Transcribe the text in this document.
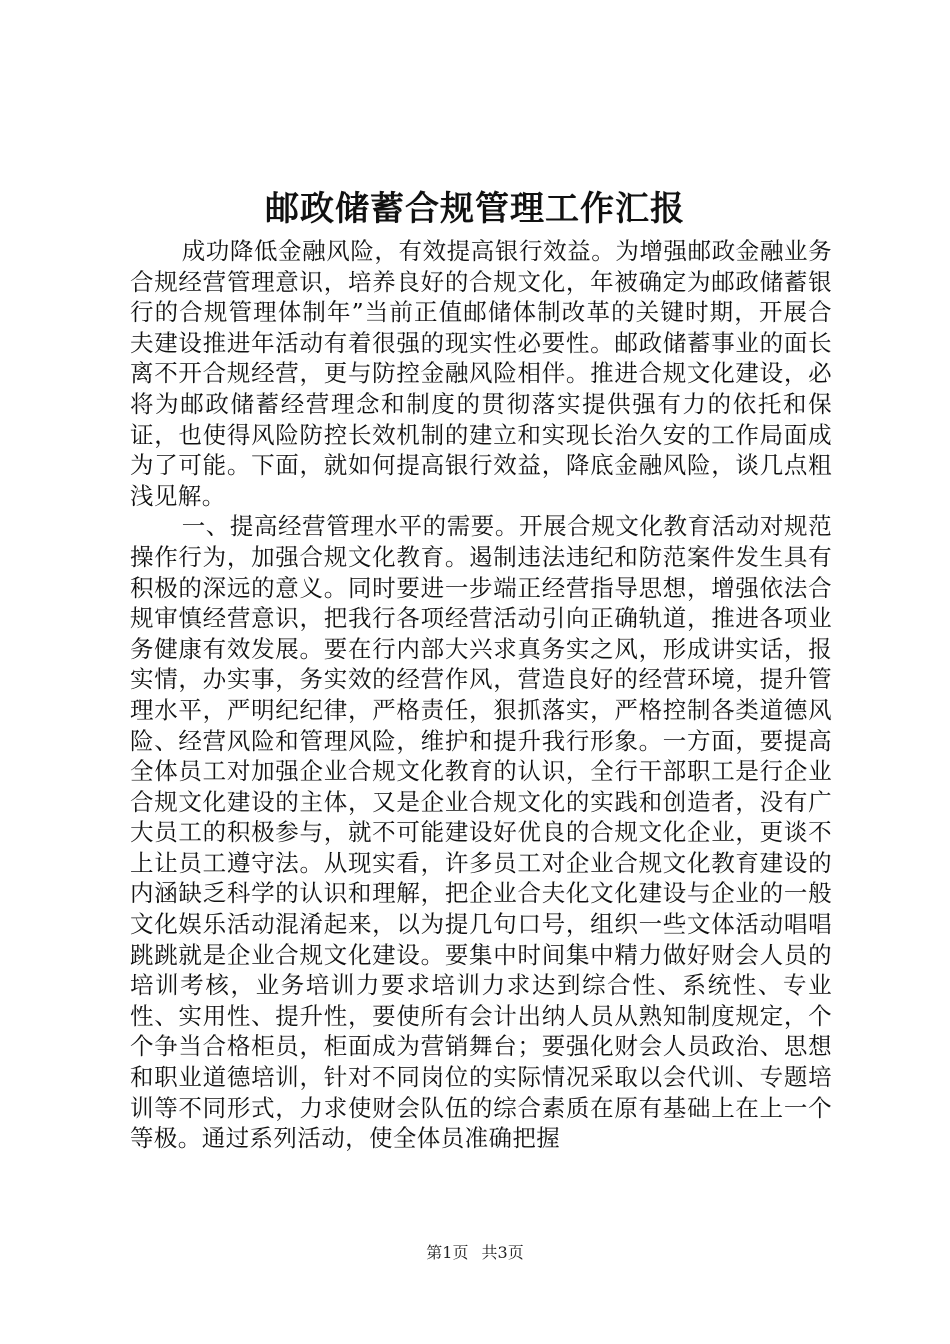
邮政储蓄合规管理工作汇报

成功降低金融风险，有效提高银行效益。为增强邮政金融业务合规经营管理意识，培养良好的合规文化，年被确定为邮政储蓄银行的合规管理体制年”当前正值邮储体制改革的关键时期，开展合夫建设推进年活动有着很强的现实性必要性。邮政储蓄事业的面长离不开合规经营，更与防控金融风险相伴。推进合规文化建设，必将为邮政储蓄经营理念和制度的贯彻落实提供强有力的依托和保证，也使得风险防控长效机制的建立和实现长治久安的工作局面成为了可能。下面，就如何提高银行效益，降底金融风险，谈几点粗浅见解。

一、提高经营管理水平的需要。开展合规文化教育活动对规范操作行为，加强合规文化教育。遏制违法违纪和防范案件发生具有积极的深远的意义。同时要进一步端正经营指导思想，增强依法合规审慎经营意识，把我行各项经营活动引向正确轨道，推进各项业务健康有效发展。要在行内部大兴求真务实之风，形成讲实话，报实情，办实事，务实效的经营作风，营造良好的经营环境，提升管理水平，严明纪纪律，严格责任，狠抓落实，严格控制各类道德风险、经营风险和管理风险，维护和提升我行形象。一方面，要提高全体员工对加强企业合规文化教育的认识，全行干部职工是行企业合规文化建设的主体，又是企业合规文化的实践和创造者，没有广大员工的积极参与，就不可能建设好优良的合规文化企业，更谈不上让员工遵守法。从现实看，许多员工对企业合规文化教育建设的内涵缺乏科学的认识和理解，把企业合夫化文化建设与企业的一般文化娱乐活动混淆起来，以为提几句口号，组织一些文体活动唱唱跳跳就是企业合规文化建设。要集中时间集中精力做好财会人员的培训考核，业务培训力要求培训力求达到综合性、系统性、专业性、实用性、提升性，要使所有会计出纳人员从熟知制度规定，个个争当合格柜员，柜面成为营销舞台；要强化财会人员政治、思想和职业道德培训，针对不同岗位的实际情况采取以会代训、专题培训等不同形式，力求使财会队伍的综合素质在原有基础上在上一个等极。通过系列活动，使全体员准确把握

第1页 共3页
